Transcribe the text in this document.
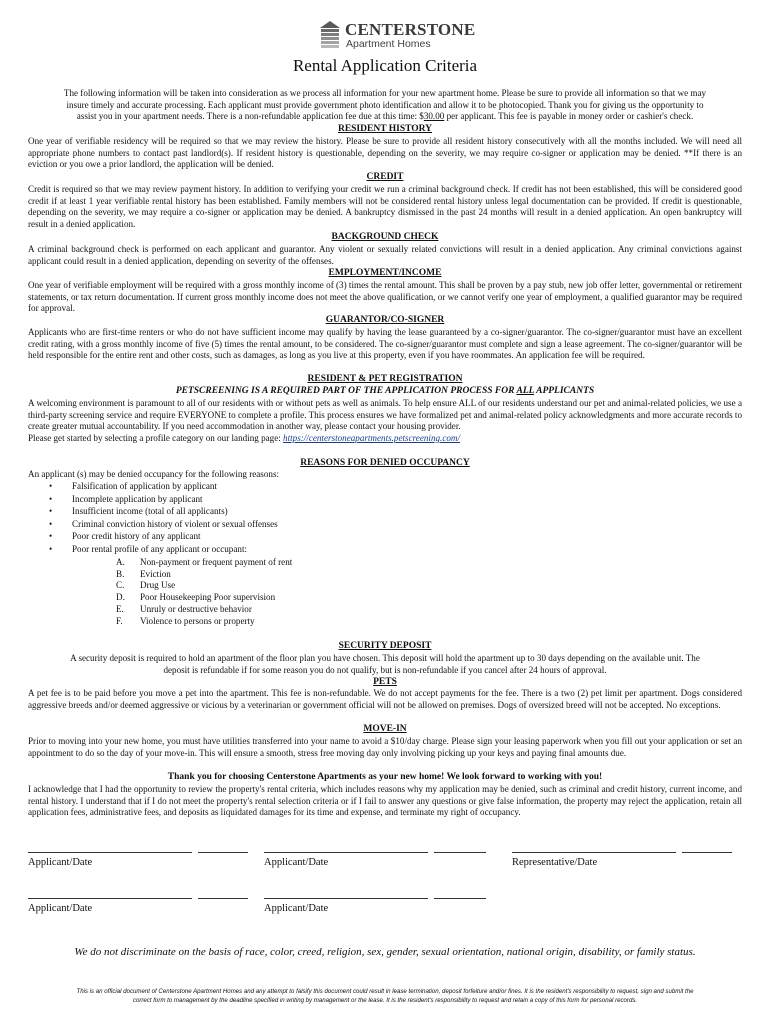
CENTERSTONE
Apartment Homes
Rental Application Criteria
The following information will be taken into consideration as we process all information for your new apartment home. Please be sure to provide all information so that we may
insure timely and accurate processing. Each applicant must provide government photo identification and allow it to be photocopied. Thank you for giving us the opportunity to
assist you in your apartment needs. There is a non-refundable application fee due at this time: $30.00 per applicant. This fee is payable in money order or cashier's check.
RESIDENT HISTORY
One year of verifiable residency will be required so that we may review the history. Please be sure to provide all resident history consecutively with all the months included. We will need all appropriate phone numbers to contact past landlord(s). If resident history is questionable, depending on the severity, we may require co-signer or application may be denied. **If there is an eviction or you owe a prior landlord, the application will be denied.
CREDIT
Credit is required so that we may review payment history. In addition to verifying your credit we run a criminal background check. If credit has not been established, this will be considered good credit if at least 1 year verifiable rental history has been established. Family members will not be considered rental history unless legal documentation can be provided. If credit is questionable, depending on the severity, we may require a co-signer or application may be denied. A bankruptcy dismissed in the past 24 months will result in a denied application. An open bankruptcy will result in a denied application.
BACKGROUND CHECK
A criminal background check is performed on each applicant and guarantor. Any violent or sexually related convictions will result in a denied application. Any criminal convictions against applicant could result in a denied application, depending on severity of the offenses.
EMPLOYMENT/INCOME
One year of verifiable employment will be required with a gross monthly income of (3) times the rental amount. This shall be proven by a pay stub, new job offer letter, governmental or retirement statements, or tax return documentation. If current gross monthly income does not meet the above qualification, or we cannot verify one year of employment, a qualified guarantor may be required for approval.
GUARANTOR/CO-SIGNER
Applicants who are first-time renters or who do not have sufficient income may qualify by having the lease guaranteed by a co-signer/guarantor. The co-signer/guarantor must have an excellent credit rating, with a gross monthly income of five (5) times the rental amount, to be considered. The co-signer/guarantor must complete and sign a lease agreement. The co-signer/guarantor will be held responsible for the entire rent and other costs, such as damages, as long as you live at this property, even if you have roommates. An application fee will be required.
RESIDENT & PET REGISTRATION
PETSCREENING IS A REQUIRED PART OF THE APPLICATION PROCESS FOR ALL APPLICANTS
A welcoming environment is paramount to all of our residents with or without pets as well as animals. To help ensure ALL of our residents understand our pet and animal-related policies, we use a third-party screening service and require EVERYONE to complete a profile. This process ensures we have formalized pet and animal-related policy acknowledgments and more accurate records to create greater mutual accountability. If you need accommodation in another way, please contact your housing provider.
Please get started by selecting a profile category on our landing page: https://centerstoneapartments.petscreening.com/
REASONS FOR DENIED OCCUPANCY
An applicant (s) may be denied occupancy for the following reasons:
• Falsification of application by applicant
• Incomplete application by applicant
• Insufficient income (total of all applicants)
• Criminal conviction history of violent or sexual offenses
• Poor credit history of any applicant
• Poor rental profile of any applicant or occupant:
A. Non-payment or frequent payment of rent
B. Eviction
C. Drug Use
D. Poor Housekeeping Poor supervision
E. Unruly or destructive behavior
F. Violence to persons or property
SECURITY DEPOSIT
A security deposit is required to hold an apartment of the floor plan you have chosen. This deposit will hold the apartment up to 30 days depending on the available unit. The
deposit is refundable if for some reason you do not qualify, but is non-refundable if you cancel after 24 hours of approval.
PETS
A pet fee is to be paid before you move a pet into the apartment. This fee is non-refundable. We do not accept payments for the fee. There is a two (2) pet limit per apartment. Dogs considered aggressive breeds and/or deemed aggressive or vicious by a veterinarian or government official will not be allowed on premises. Dogs of oversized breed will not be accepted. No exceptions.
MOVE-IN
Prior to moving into your new home, you must have utilities transferred into your name to avoid a $10/day charge. Please sign your leasing paperwork when you fill out your application or set an appointment to do so the day of your move-in. This will ensure a smooth, stress free moving day only involving picking up your keys and paying final amounts due.
Thank you for choosing Centerstone Apartments as your new home! We look forward to working with you!
I acknowledge that I had the opportunity to review the property's rental criteria, which includes reasons why my application may be denied, such as criminal and credit history, current income, and rental history. I understand that if I do not meet the property's rental selection criteria or if I fail to answer any questions or give false information, the property may reject the application, retain all application fees, administrative fees, and deposits as liquidated damages for its time and expense, and terminate my right of occupancy.
Applicant/Date	Applicant/Date	Representative/Date
Applicant/Date	Applicant/Date
We do not discriminate on the basis of race, color, creed, religion, sex, gender, sexual orientation, national origin, disability, or family status.
This is an official document of Centerstone Apartment Homes and any attempt to falsify this document could result in lease termination, deposit forfeiture and/or fines. It is the resident's responsibility to request, sign and submit the
correct form to management by the deadline specified in writing by management or the lease. It is the resident's responsibility to request and retain a copy of this form for personal records.
